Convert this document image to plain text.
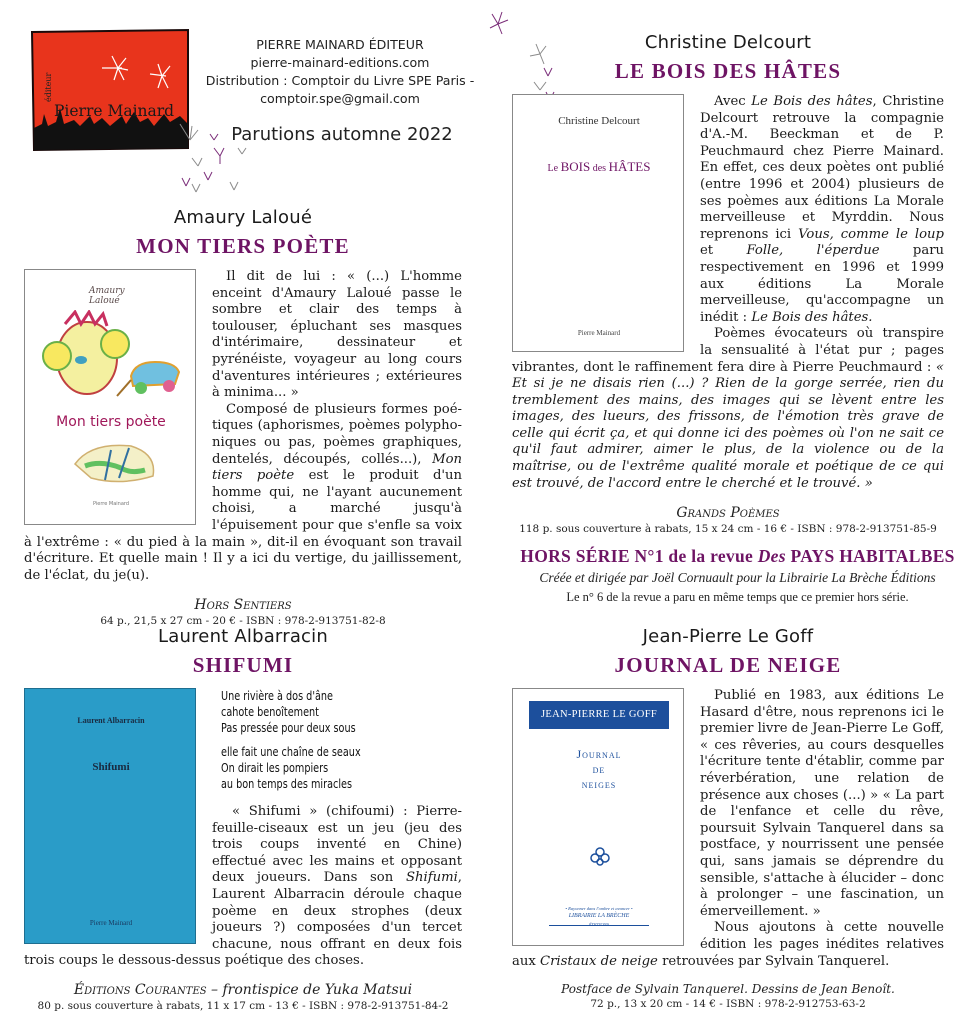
éditeur
Pierre Mainard
PIERRE MAINARD ÉDITEUR
pierre-mainard-editions.com
Distribution : Comptoir du Livre SPE Paris -
comptoir.spe@gmail.com
Parutions automne 2022
Amaury Laloué
MON TIERS POÈTE
Amaury Laloué
Mon tiers poète
Pierre Mainard

Il dit de lui : « (...) L'homme enceint d'Amaury Laloué passe le sombre et clair des temps à toulouser, épluchant ses masques d'intérimaire, dessinateur et pyrénéiste, voyageur au long cours d'aventures intérieures ; extérieures à minima... »

Composé de plusieurs formes poétiques (aphorismes, poèmes polyphoniques ou pas, poèmes graphiques, dentelés, découpés, collés...), Mon tiers poète est le produit d'un homme qui, ne l'ayant aucunement choisi, a marché jusqu'à l'épuisement pour que s'enfle sa voix à l'extrême : « du pied à la main », dit-il en évoquant son travail d'écriture. Et quelle main ! Il y a ici du vertige, du jaillissement, de l'éclat, du je(u).

Hors Sentiers
64 p., 21,5 x 27 cm - 20 € - ISBN : 978-2-913751-82-8
Christine Delcourt
LE BOIS DES HÂTES
Christine Delcourt
Le BOIS des HÂTES
Pierre Mainard

Avec Le Bois des hâtes, Christine Delcourt retrouve la compagnie d'A.-M. Beeckman et de P. Peuchmaurd chez Pierre Mainard. En effet, ces deux poètes ont publié (entre 1996 et 2004) plusieurs de ses poèmes aux éditions La Morale merveilleuse et Myrddin. Nous reprenons ici Vous, comme le loup et Folle, l'éperdue paru respectivement en 1996 et 1999 aux éditions La Morale merveilleuse, qu'accompagne un inédit : Le Bois des hâtes.

Poèmes évocateurs où transpire la sensualité à l'état pur ; pages vibrantes, dont le raffinement fera dire à Pierre Peuchmaurd : « Et si je ne disais rien (...) ? Rien de la gorge serrée, rien du tremblement des mains, des images qui se lèvent entre les images, des lueurs, des frissons, de l'émotion très grave de celle qui écrit ça, et qui donne ici des poèmes où l'on ne sait ce qu'il faut admirer, aimer le plus, de la violence ou de la maîtrise, ou de l'extrême qualité morale et poétique de ce qui est trouvé, de l'accord entre le cherché et le trouvé. »

Grands Poèmes
118 p. sous couverture à rabats, 15 x 24 cm - 16 € - ISBN : 978-2-913751-85-9
HORS SÉRIE N°1 de la revue Des PAYS HABITALBES
Créée et dirigée par Joël Cornuault pour la Librairie La Brèche Éditions
Le n° 6 de la revue a paru en même temps que ce premier hors série.
Laurent Albarracin
SHIFUMI
Laurent Albarracin
Shifumi
Pierre Mainard
Une rivière à dos d'âne
cahote benoîtement
Pas pressée pour deux sous
elle fait une chaîne de seaux
On dirait les pompiers
au bon temps des miracles

« Shifumi » (chifoumi) : Pierre-feuille-ciseaux est un jeu (jeu des trois coups inventé en Chine) effectué avec les mains et opposant deux joueurs. Dans son Shifumi, Laurent Albarracin déroule chaque poème en deux strophes (deux joueurs ?) composées d'un tercet chacune, nous offrant en deux fois trois coups le dessous-dessus poétique des choses.

Éditions Courantes – frontispice de Yuka Matsui
80 p. sous couverture à rabats, 11 x 17 cm - 13 € - ISBN : 978-2-913751-84-2
Jean-Pierre Le Goff
JOURNAL DE NEIGE
JEAN-PIERRE LE GOFF
Journal
de
neiges
• Rayonner dans l'ombre et avancer •
LIBRAIRIE LA BRÈCHE
ÉDITIONS

Publié en 1983, aux éditions Le Hasard d'être, nous reprenons ici le premier livre de Jean-Pierre Le Goff, « ces rêveries, au cours desquelles l'écriture tente d'établir, comme par réverbération, une relation de présence aux choses (...) » « La part de l'enfance et celle du rêve, poursuit Sylvain Tanquerel dans sa postface, y nourrissent une pensée qui, sans jamais se déprendre du sensible, s'attache à élucider – donc à prolonger – une fascination, un émerveillement. »

Nous ajoutons à cette nouvelle édition les pages inédites relatives aux Cristaux de neige retrouvées par Sylvain Tanquerel.

Postface de Sylvain Tanquerel. Dessins de Jean Benoît.
72 p., 13 x 20 cm - 14 € - ISBN : 978-2-912753-63-2
